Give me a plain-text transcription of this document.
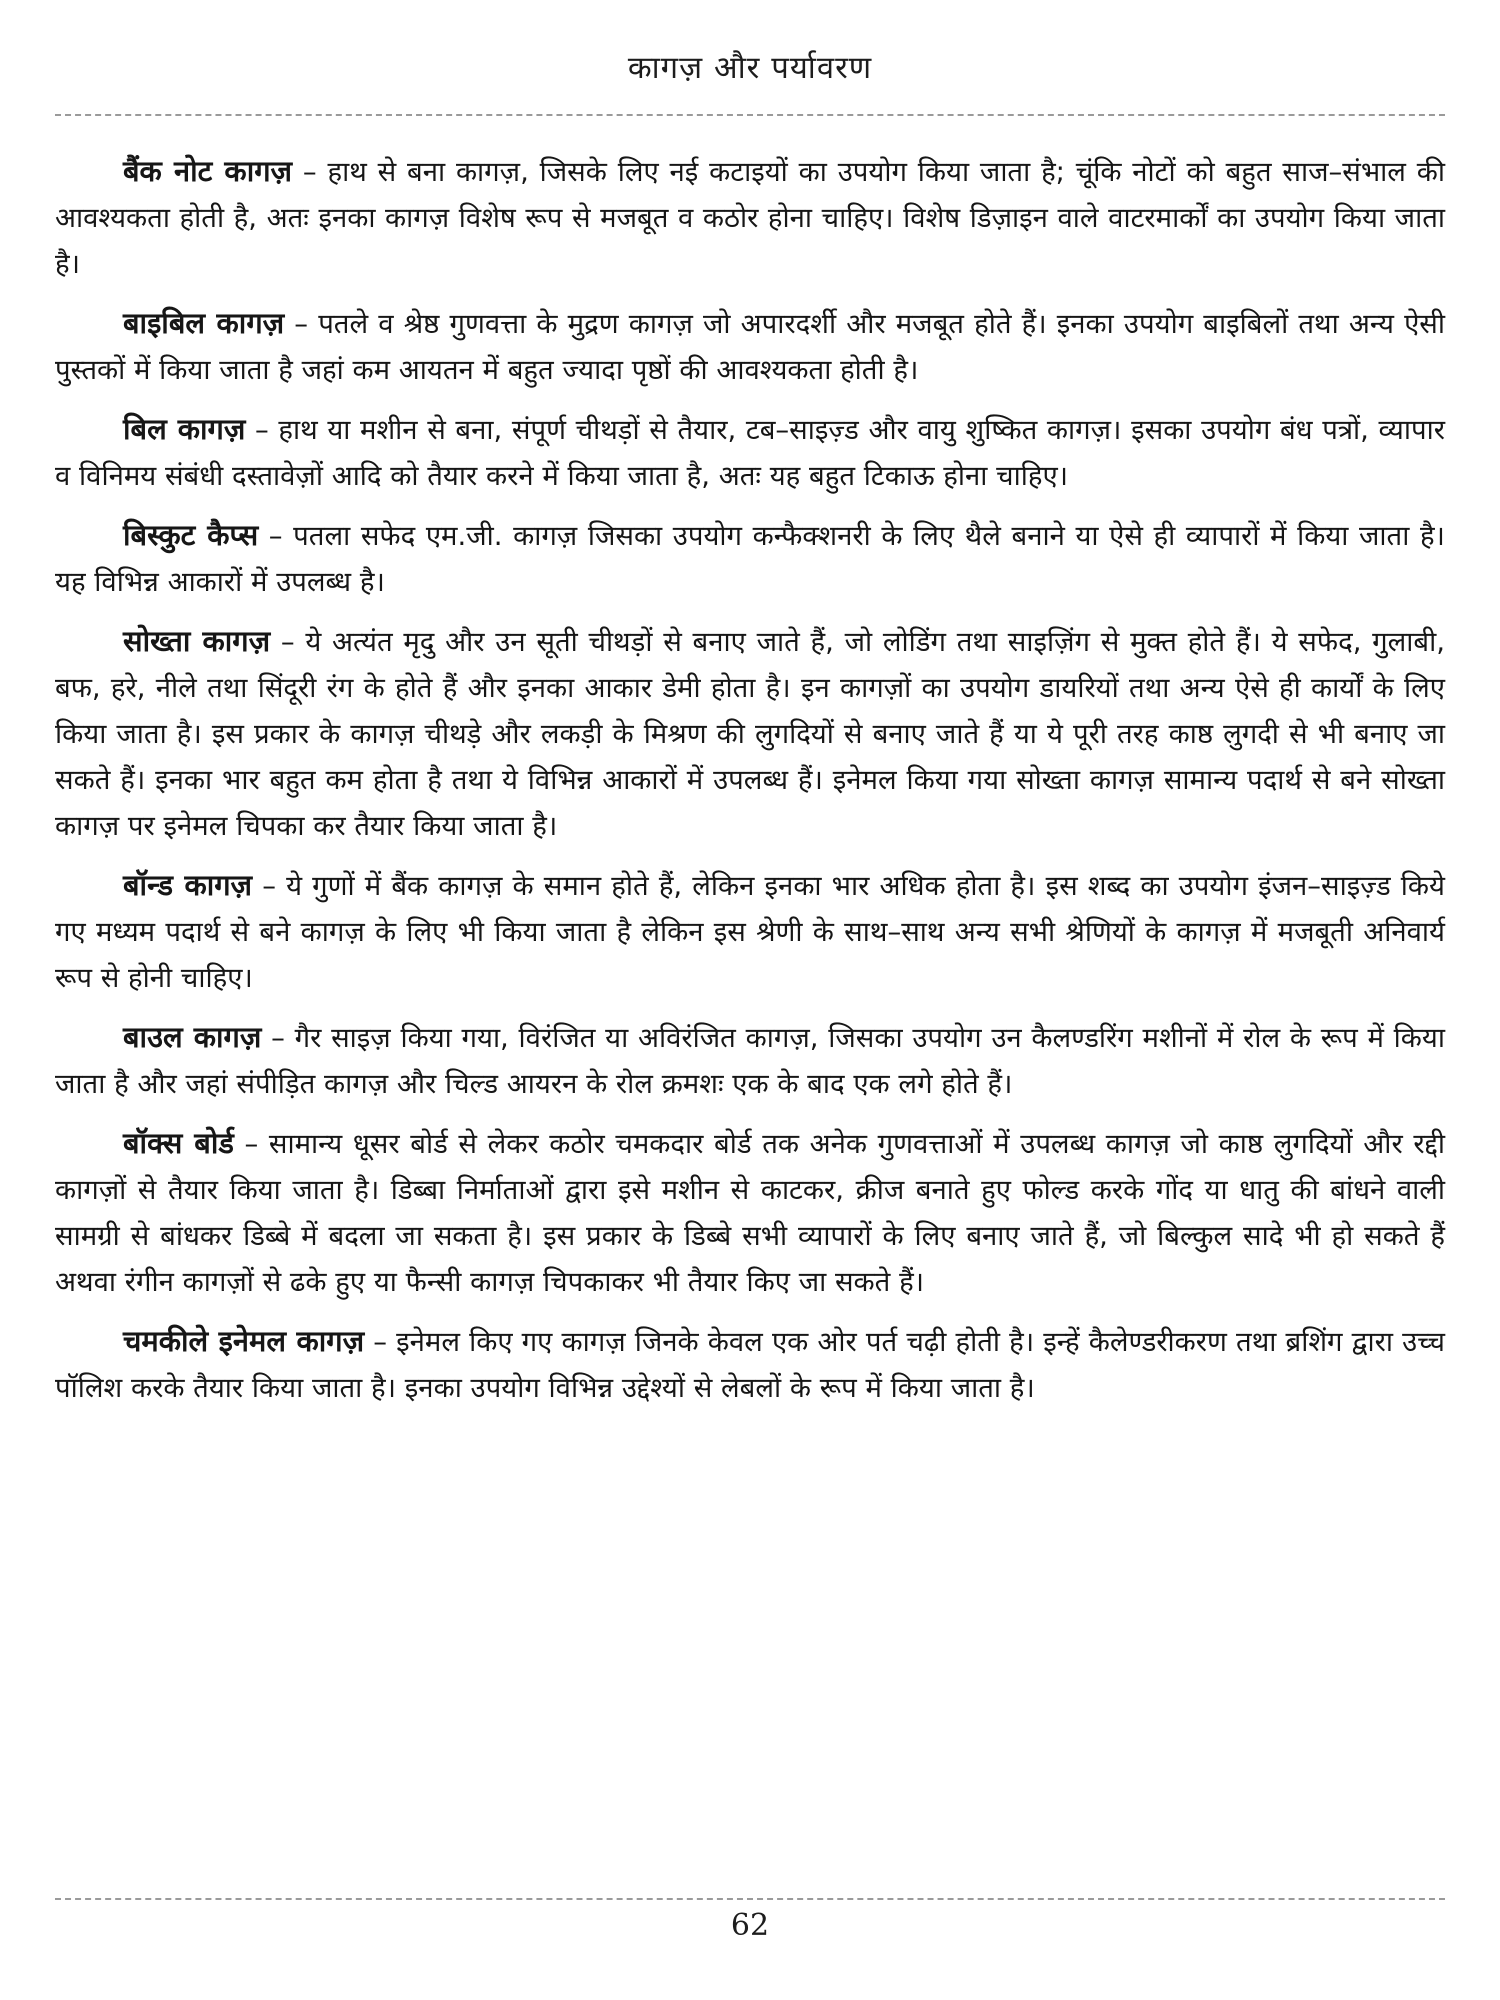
कागज़ और पर्यावरण

बैंक नोट कागज़ – हाथ से बना कागज़, जिसके लिए नई कटाइयों का उपयोग किया जाता है; चूंकि नोटों को बहुत साज–संभाल की आवश्यकता होती है, अतः इनका कागज़ विशेष रूप से मजबूत व कठोर होना चाहिए। विशेष डिज़ाइन वाले वाटरमार्कों का उपयोग किया जाता है।

बाइबिल कागज़ – पतले व श्रेष्ठ गुणवत्ता के मुद्रण कागज़ जो अपारदर्शी और मजबूत होते हैं। इनका उपयोग बाइबिलों तथा अन्य ऐसी पुस्तकों में किया जाता है जहां कम आयतन में बहुत ज्यादा पृष्ठों की आवश्यकता होती है।

बिल कागज़ – हाथ या मशीन से बना, संपूर्ण चीथड़ों से तैयार, टब–साइज़्ड और वायु शुष्कित कागज़। इसका उपयोग बंध पत्रों, व्यापार व विनिमय संबंधी दस्तावेज़ों आदि को तैयार करने में किया जाता है, अतः यह बहुत टिकाऊ होना चाहिए।

बिस्कुट कैप्स – पतला सफेद एम.जी. कागज़ जिसका उपयोग कन्फैक्शनरी के लिए थैले बनाने या ऐसे ही व्यापारों में किया जाता है। यह विभिन्न आकारों में उपलब्ध है।

सोख्ता कागज़ – ये अत्यंत मृदु और उन सूती चीथड़ों से बनाए जाते हैं, जो लोडिंग तथा साइज़िंग से मुक्त होते हैं। ये सफेद, गुलाबी, बफ, हरे, नीले तथा सिंदूरी रंग के होते हैं और इनका आकार डेमी होता है। इन कागज़ों का उपयोग डायरियों तथा अन्य ऐसे ही कार्यों के लिए किया जाता है। इस प्रकार के कागज़ चीथड़े और लकड़ी के मिश्रण की लुगदियों से बनाए जाते हैं या ये पूरी तरह काष्ठ लुगदी से भी बनाए जा सकते हैं। इनका भार बहुत कम होता है तथा ये विभिन्न आकारों में उपलब्ध हैं। इनेमल किया गया सोख्ता कागज़ सामान्य पदार्थ से बने सोख्ता कागज़ पर इनेमल चिपका कर तैयार किया जाता है।

बॉन्ड कागज़ – ये गुणों में बैंक कागज़ के समान होते हैं, लेकिन इनका भार अधिक होता है। इस शब्द का उपयोग इंजन–साइज़्ड किये गए मध्यम पदार्थ से बने कागज़ के लिए भी किया जाता है लेकिन इस श्रेणी के साथ–साथ अन्य सभी श्रेणियों के कागज़ में मजबूती अनिवार्य रूप से होनी चाहिए।

बाउल कागज़ – गैर साइज़ किया गया, विरंजित या अविरंजित कागज़, जिसका उपयोग उन कैलण्डरिंग मशीनों में रोल के रूप में किया जाता है और जहां संपीड़ित कागज़ और चिल्ड आयरन के रोल क्रमशः एक के बाद एक लगे होते हैं।

बॉक्स बोर्ड – सामान्य धूसर बोर्ड से लेकर कठोर चमकदार बोर्ड तक अनेक गुणवत्ताओं में उपलब्ध कागज़ जो काष्ठ लुगदियों और रद्दी कागज़ों से तैयार किया जाता है। डिब्बा निर्माताओं द्वारा इसे मशीन से काटकर, क्रीज बनाते हुए फोल्ड करके गोंद या धातु की बांधने वाली सामग्री से बांधकर डिब्बे में बदला जा सकता है। इस प्रकार के डिब्बे सभी व्यापारों के लिए बनाए जाते हैं, जो बिल्कुल सादे भी हो सकते हैं अथवा रंगीन कागज़ों से ढके हुए या फैन्सी कागज़ चिपकाकर भी तैयार किए जा सकते हैं।

चमकीले इनेमल कागज़ – इनेमल किए गए कागज़ जिनके केवल एक ओर पर्त चढ़ी होती है। इन्हें कैलेण्डरीकरण तथा ब्रशिंग द्वारा उच्च पॉलिश करके तैयार किया जाता है। इनका उपयोग विभिन्न उद्देश्यों से लेबलों के रूप में किया जाता है।

62
